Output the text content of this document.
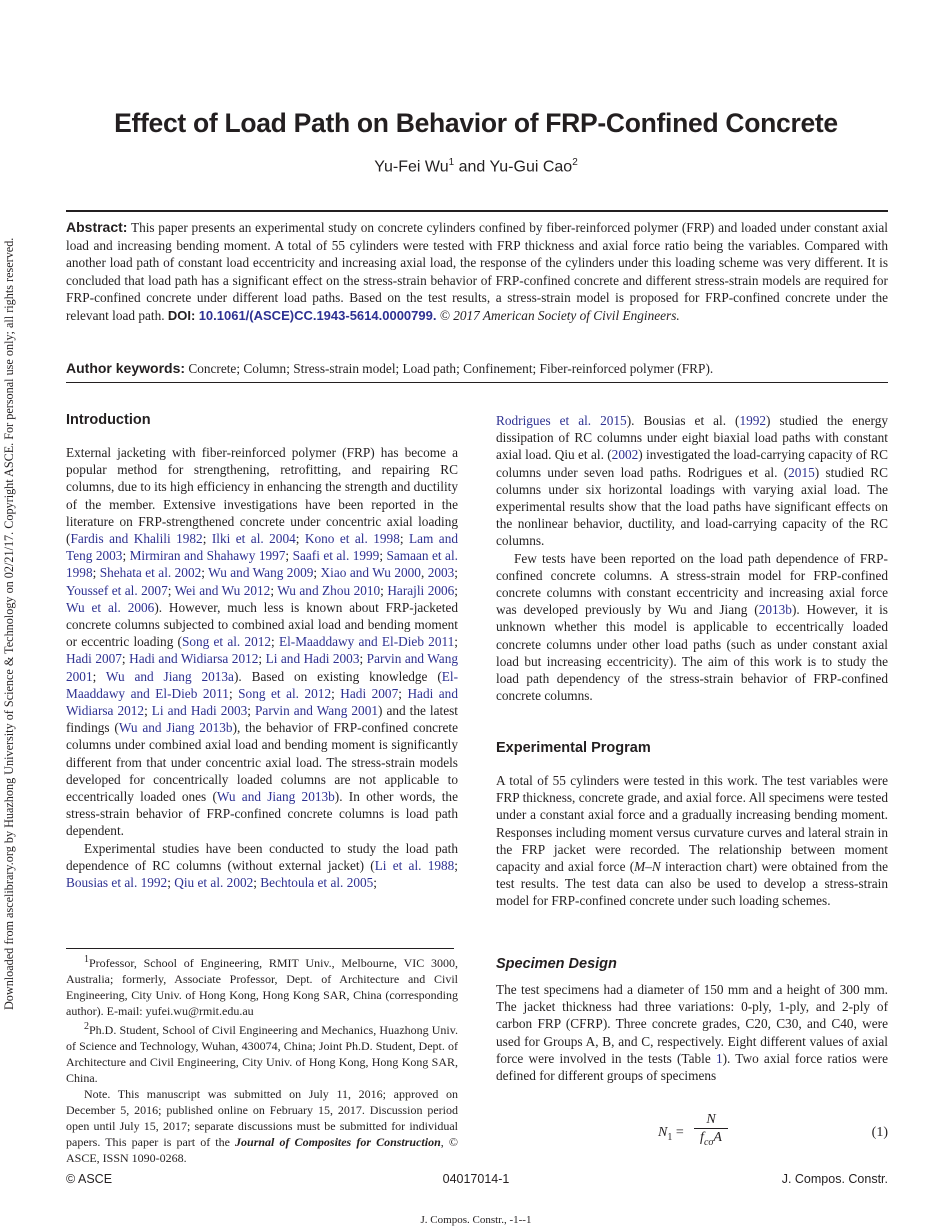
Downloaded from ascelibrary.org by Huazhong University of Science & Technology on 02/21/17. Copyright ASCE. For personal use only; all rights reserved.
Effect of Load Path on Behavior of FRP-Confined Concrete
Yu-Fei Wu$^1$ and Yu-Gui Cao$^2$
Abstract: This paper presents an experimental study on concrete cylinders confined by fiber-reinforced polymer (FRP) and loaded under constant axial load and increasing bending moment. A total of 55 cylinders were tested with FRP thickness and axial force ratio being the variables. Compared with another load path of constant load eccentricity and increasing axial load, the response of the cylinders under this loading scheme was very different. It is concluded that load path has a significant effect on the stress-strain behavior of FRP-confined concrete and different stress-strain models are required for FRP-confined concrete under different load paths. Based on the test results, a stress-strain model is proposed for FRP-confined concrete under the relevant load path. DOI: 10.1061/(ASCE)CC.1943-5614.0000799. © 2017 American Society of Civil Engineers.
Author keywords: Concrete; Column; Stress-strain model; Load path; Confinement; Fiber-reinforced polymer (FRP).
Introduction

External jacketing with fiber-reinforced polymer (FRP) has become a popular method for strengthening, retrofitting, and repairing RC columns, due to its high efficiency in enhancing the strength and ductility of the member. Extensive investigations have been reported in the literature on FRP-strengthened concrete under concentric axial loading (Fardis and Khalili 1982; Ilki et al. 2004; Kono et al. 1998; Lam and Teng 2003; Mirmiran and Shahawy 1997; Saafi et al. 1999; Samaan et al. 1998; Shehata et al. 2002; Wu and Wang 2009; Xiao and Wu 2000, 2003; Youssef et al. 2007; Wei and Wu 2012; Wu and Zhou 2010; Harajli 2006; Wu et al. 2006). However, much less is known about FRP-jacketed concrete columns subjected to combined axial load and bending moment or eccentric loading (Song et al. 2012; El-Maaddawy and El-Dieb 2011; Hadi 2007; Hadi and Widiarsa 2012; Li and Hadi 2003; Parvin and Wang 2001; Wu and Jiang 2013a). Based on existing knowledge (El-Maaddawy and El-Dieb 2011; Song et al. 2012; Hadi 2007; Hadi and Widiarsa 2012; Li and Hadi 2003; Parvin and Wang 2001) and the latest findings (Wu and Jiang 2013b), the behavior of FRP-confined concrete columns under combined axial load and bending moment is significantly different from that under concentric axial load. The stress-strain models developed for concentrically loaded columns are not applicable to eccentrically loaded ones (Wu and Jiang 2013b). In other words, the stress-strain behavior of FRP-confined concrete columns is load path dependent.

Experimental studies have been conducted to study the load path dependence of RC columns (without external jacket) (Li et al. 1988; Bousias et al. 1992; Qiu et al. 2002; Bechtoula et al. 2005;

$^1$Professor, School of Engineering, RMIT Univ., Melbourne, VIC 3000, Australia; formerly, Associate Professor, Dept. of Architecture and Civil Engineering, City Univ. of Hong Kong, Hong Kong SAR, China (corresponding author). E-mail: yufei.wu@rmit.edu.au

$^2$Ph.D. Student, School of Civil Engineering and Mechanics, Huazhong Univ. of Science and Technology, Wuhan, 430074, China; Joint Ph.D. Student, Dept. of Architecture and Civil Engineering, City Univ. of Hong Kong, Hong Kong SAR, China.

Note. This manuscript was submitted on July 11, 2016; approved on December 5, 2016; published online on February 15, 2017. Discussion period open until July 15, 2017; separate discussions must be submitted for individual papers. This paper is part of the Journal of Composites for Construction, © ASCE, ISSN 1090-0268.

Rodrigues et al. 2015). Bousias et al. (1992) studied the energy dissipation of RC columns under eight biaxial load paths with constant axial load. Qiu et al. (2002) investigated the load-carrying capacity of RC columns under seven load paths. Rodrigues et al. (2015) studied RC columns under six horizontal loadings with varying axial load. The experimental results show that the load paths have significant effects on the nonlinear behavior, ductility, and load-carrying capacity of the RC columns.

Few tests have been reported on the load path dependence of FRP-confined concrete columns. A stress-strain model for FRP-confined concrete columns with constant eccentricity and increasing axial force was developed previously by Wu and Jiang (2013b). However, it is unknown whether this model is applicable to eccentrically loaded concrete columns under other load paths (such as under constant axial load but increasing eccentricity). The aim of this work is to study the load path dependency of the stress-strain behavior of FRP-confined concrete columns.

Experimental Program

A total of 55 cylinders were tested in this work. The test variables were FRP thickness, concrete grade, and axial force. All specimens were tested under a constant axial force and a gradually increasing bending moment. Responses including moment versus curvature curves and lateral strain in the FRP jacket were recorded. The relationship between moment capacity and axial force (M–N interaction chart) were obtained from the test results. The test data can also be used to develop a stress-strain model for FRP-confined concrete under such loading schemes.

Specimen Design

The test specimens had a diameter of 150 mm and a height of 300 mm. The jacket thickness had three variations: 0-ply, 1-ply, and 2-ply of carbon FRP (CFRP). Three concrete grades, C20, C30, and C40, were used for Groups A, B, and C, respectively. Eight different values of axial force were involved in the tests (Table 1). Two axial force ratios were defined for different groups of specimens

$N_1$ =
N
$f_{co}A$	(1)
© ASCE	04017014-1	J. Compos. Constr.
J. Compos. Constr., -1--1
